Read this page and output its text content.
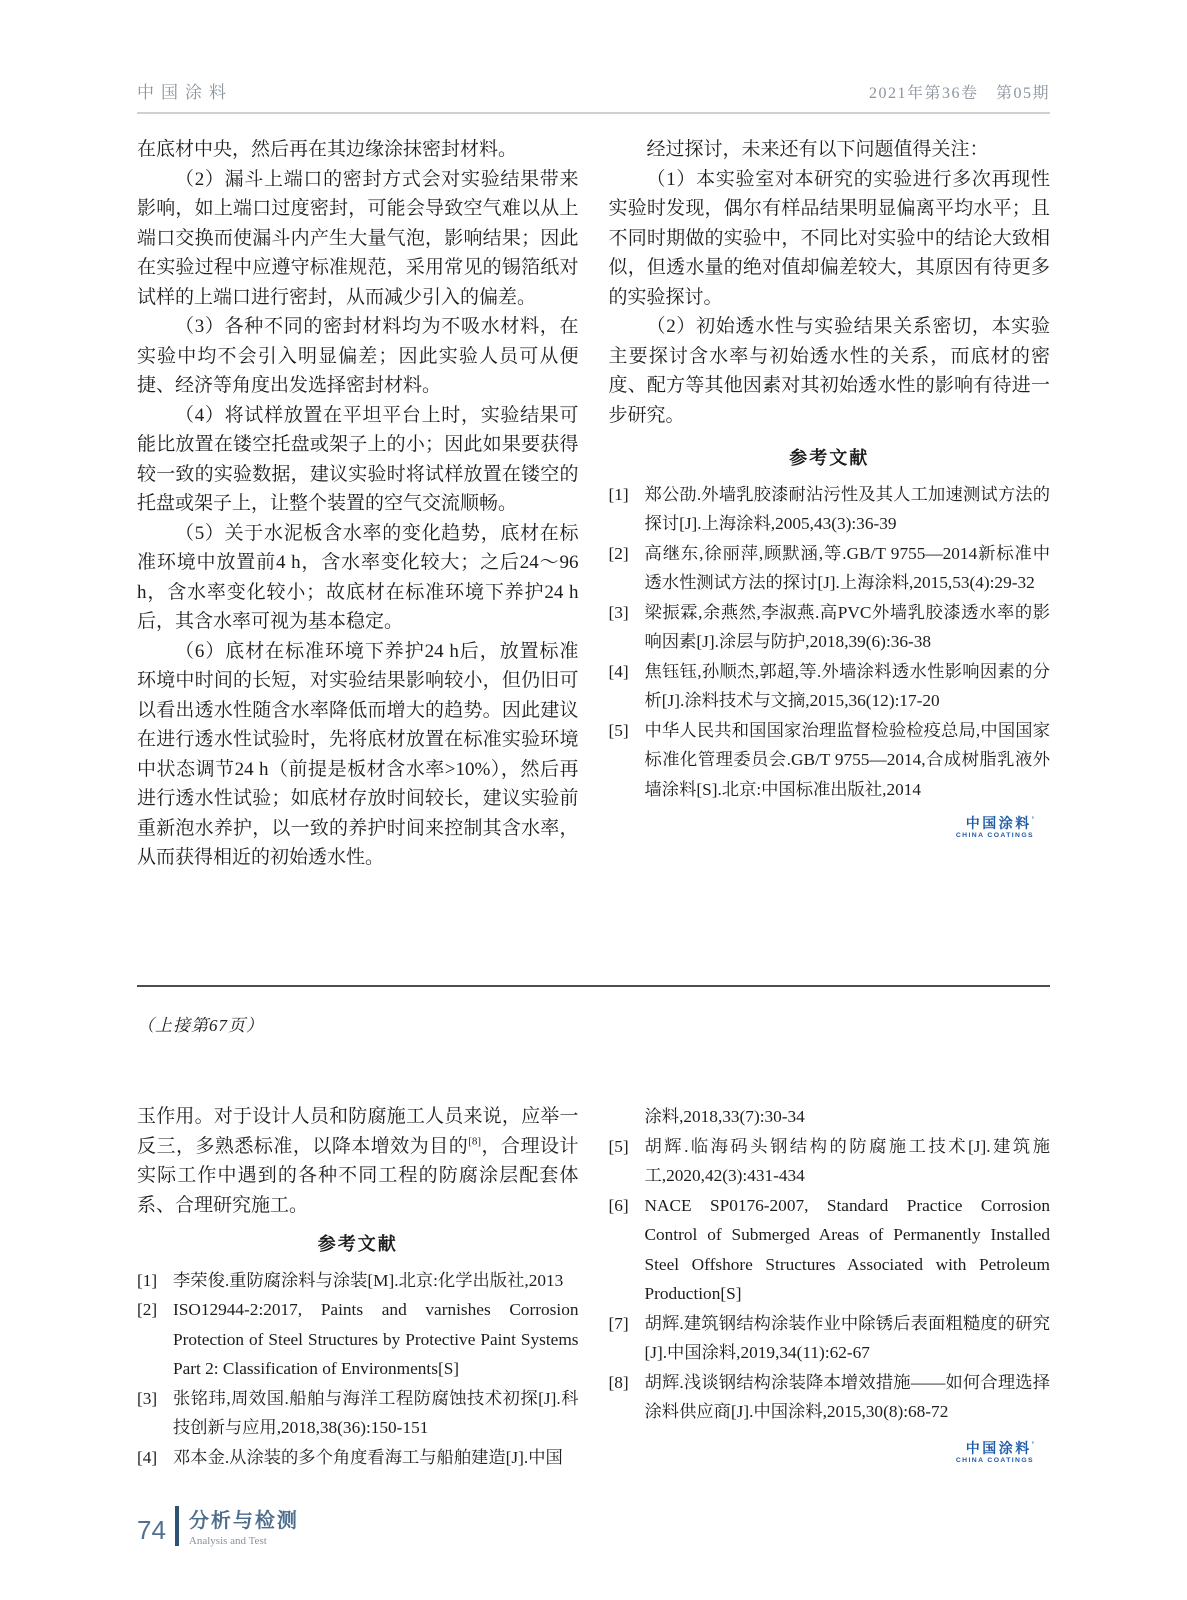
中国涂料	2021年第36卷　第05期

在底材中央，然后再在其边缘涂抹密封材料。

（2）漏斗上端口的密封方式会对实验结果带来影响，如上端口过度密封，可能会导致空气难以从上端口交换而使漏斗内产生大量气泡，影响结果；因此在实验过程中应遵守标准规范，采用常见的锡箔纸对试样的上端口进行密封，从而减少引入的偏差。

（3）各种不同的密封材料均为不吸水材料，在实验中均不会引入明显偏差；因此实验人员可从便捷、经济等角度出发选择密封材料。

（4）将试样放置在平坦平台上时，实验结果可能比放置在镂空托盘或架子上的小；因此如果要获得较一致的实验数据，建议实验时将试样放置在镂空的托盘或架子上，让整个装置的空气交流顺畅。

（5）关于水泥板含水率的变化趋势，底材在标准环境中放置前4 h，含水率变化较大；之后24～96 h，含水率变化较小；故底材在标准环境下养护24 h后，其含水率可视为基本稳定。

（6）底材在标准环境下养护24 h后，放置标准环境中时间的长短，对实验结果影响较小，但仍旧可以看出透水性随含水率降低而增大的趋势。因此建议在进行透水性试验时，先将底材放置在标准实验环境中状态调节24 h（前提是板材含水率>10%），然后再进行透水性试验；如底材存放时间较长，建议实验前重新泡水养护，以一致的养护时间来控制其含水率，从而获得相近的初始透水性。

经过探讨，未来还有以下问题值得关注：

（1）本实验室对本研究的实验进行多次再现性实验时发现，偶尔有样品结果明显偏离平均水平；且不同时期做的实验中，不同比对实验中的结论大致相似，但透水量的绝对值却偏差较大，其原因有待更多的实验探讨。

（2）初始透水性与实验结果关系密切，本实验主要探讨含水率与初始透水性的关系，而底材的密度、配方等其他因素对其初始透水性的影响有待进一步研究。

参考文献
[1] 郑公劭.外墙乳胶漆耐沾污性及其人工加速测试方法的探讨[J].上海涂料,2005,43(3):36-39
[2] 高继东,徐丽萍,顾默涵,等.GB/T 9755—2014新标准中透水性测试方法的探讨[J].上海涂料,2015,53(4):29-32
[3] 梁振霖,余燕然,李淑燕.高PVC外墙乳胶漆透水率的影响因素[J].涂层与防护,2018,39(6):36-38
[4] 焦钰钰,孙顺杰,郭超,等.外墙涂料透水性影响因素的分析[J].涂料技术与文摘,2015,36(12):17-20
[5] 中华人民共和国国家治理监督检验检疫总局,中国国家标准化管理委员会.GB/T 9755—2014,合成树脂乳液外墙涂料[S].北京:中国标准出版社,2014
中国涂料’
CHINA COATINGS

（上接第67页）

玉作用。对于设计人员和防腐施工人员来说，应举一反三，多熟悉标准，以降本增效为目的[8]，合理设计实际工作中遇到的各种不同工程的防腐涂层配套体系、合理研究施工。

参考文献
[1] 李荣俊.重防腐涂料与涂装[M].北京:化学出版社,2013
[2] ISO12944-2:2017, Paints and varnishes Corrosion Protection of Steel Structures by Protective Paint Systems Part 2: Classification of Environments[S]
[3] 张铭玮,周效国.船舶与海洋工程防腐蚀技术初探[J].科技创新与应用,2018,38(36):150-151
[4] 邓本金.从涂装的多个角度看海工与船舶建造[J].中国
涂料,2018,33(7):30-34
[5] 胡辉.临海码头钢结构的防腐施工技术[J].建筑施工,2020,42(3):431-434
[6] NACE SP0176-2007, Standard Practice Corrosion Control of Submerged Areas of Permanently Installed Steel Offshore Structures Associated with Petroleum Production[S]
[7] 胡辉.建筑钢结构涂装作业中除锈后表面粗糙度的研究[J].中国涂料,2019,34(11):62-67
[8] 胡辉.浅谈钢结构涂装降本增效措施——如何合理选择涂料供应商[J].中国涂料,2015,30(8):68-72
中国涂料’
CHINA COATINGS
74 分析与检测
Analysis and Test
